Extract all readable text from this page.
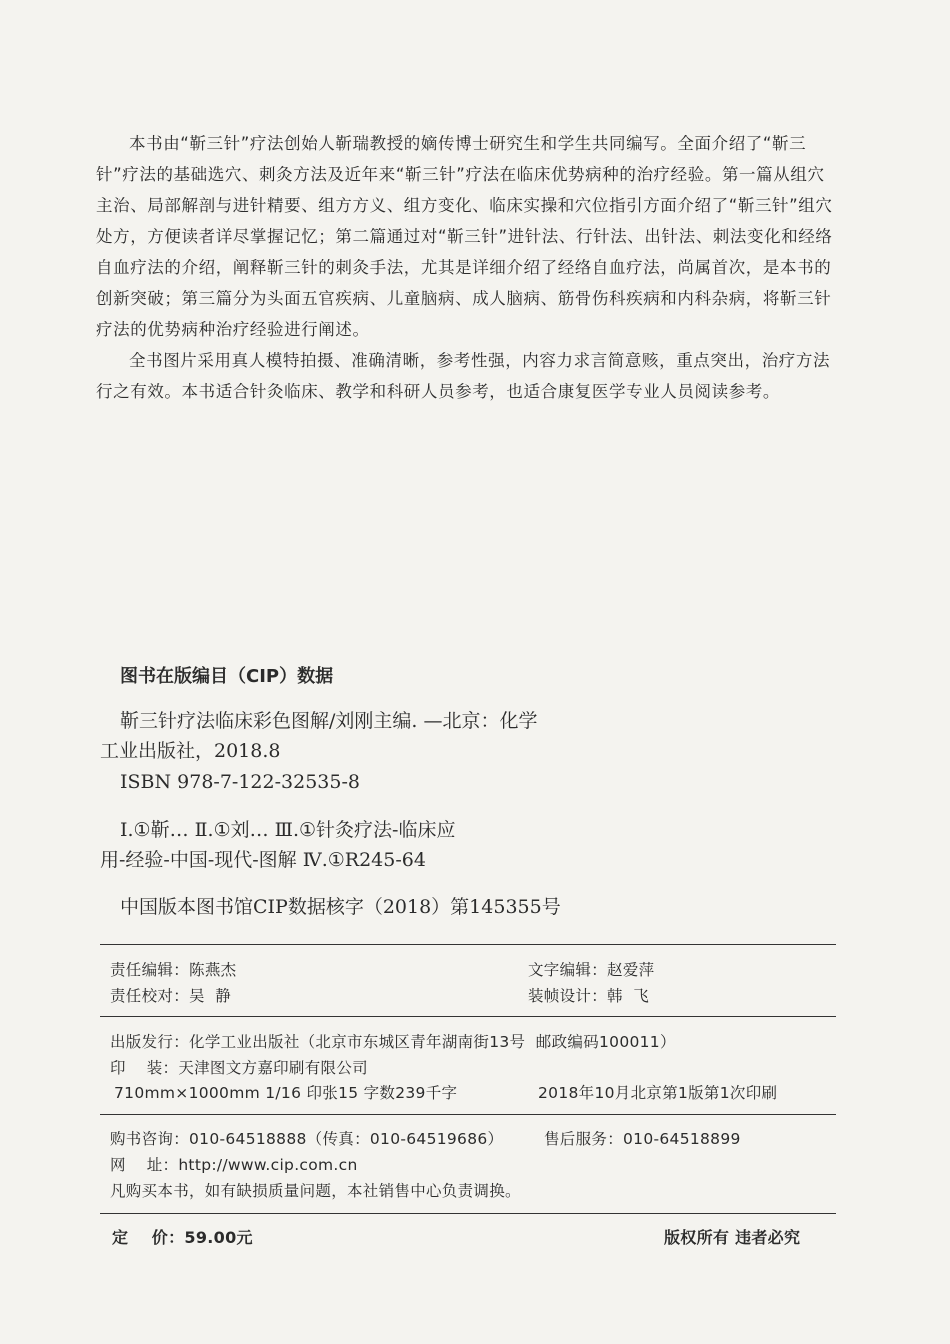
本书由“靳三针”疗法创始人靳瑞教授的嫡传博士研究生和学生共同编写。全面介绍了“靳三针”疗法的基础选穴、刺灸方法及近年来“靳三针”疗法在临床优势病种的治疗经验。第一篇从组穴主治、局部解剖与进针精要、组方方义、组方变化、临床实操和穴位指引方面介绍了“靳三针”组穴处方，方便读者详尽掌握记忆；第二篇通过对“靳三针”进针法、行针法、出针法、刺法变化和经络自血疗法的介绍，阐释靳三针的刺灸手法，尤其是详细介绍了经络自血疗法，尚属首次，是本书的创新突破；第三篇分为头面五官疾病、儿童脑病、成人脑病、筋骨伤科疾病和内科杂病，将靳三针疗法的优势病种治疗经验进行阐述。

全书图片采用真人模特拍摄、准确清晰，参考性强，内容力求言简意赅，重点突出，治疗方法行之有效。本书适合针灸临床、教学和科研人员参考，也适合康复医学专业人员阅读参考。

图书在版编目（CIP）数据
靳三针疗法临床彩色图解/刘刚主编. —北京：化学
工业出版社，2018.8
ISBN 978-7-122-32535-8
Ⅰ.①靳… Ⅱ.①刘… Ⅲ.①针灸疗法-临床应
用-经验-中国-现代-图解 Ⅳ.①R245-64
中国版本图书馆CIP数据核字（2018）第145355号
责任编辑：陈燕杰	文字编辑：赵爱萍
责任校对：吴  静	装帧设计：韩  飞
出版发行：化学工业出版社（北京市东城区青年湖南街13号  邮政编码100011）
印    装：天津图文方嘉印刷有限公司
710mm×1000mm 1/16 印张15 字数239千字	2018年10月北京第1版第1次印刷
购书咨询：010-64518888（传真：010-64519686）	售后服务：010-64518899
网    址：http://www.cip.com.cn
凡购买本书，如有缺损质量问题，本社销售中心负责调换。
定    价：59.00元	版权所有 违者必究
